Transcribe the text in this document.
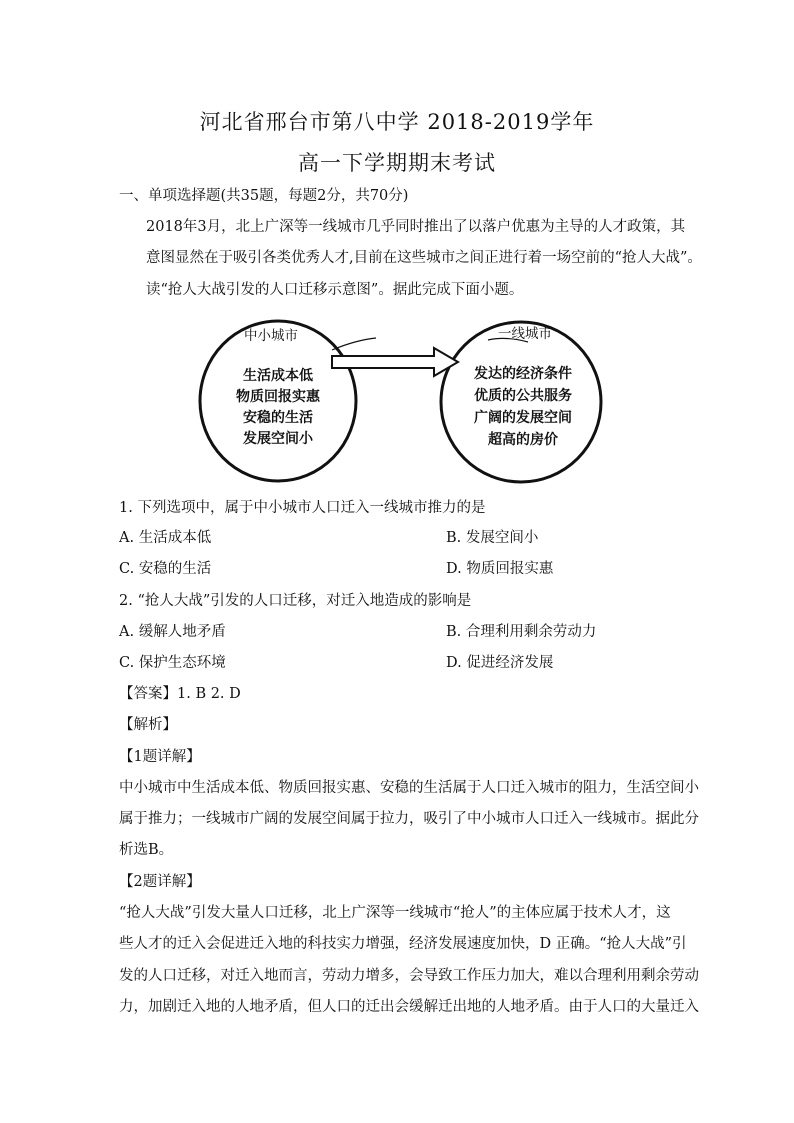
河北省邢台市第八中学 2018-2019学年
高一下学期期末考试
一、单项选择题(共35题，每题2分，共70分)
2018年3月，北上广深等一线城市几乎同时推出了以落户优惠为主导的人才政策，其
意图显然在于吸引各类优秀人才,目前在这些城市之间正进行着一场空前的“抢人大战”。
读“抢人大战引发的人口迁移示意图”。据此完成下面小题。
中小城市
生活成本低
物质回报实惠
安稳的生活
发展空间小
一线城市
发达的经济条件
优质的公共服务
广阔的发展空间
超高的房价
1. 下列选项中，属于中小城市人口迁入一线城市推力的是
A. 生活成本低	B. 发展空间小
C. 安稳的生活	D. 物质回报实惠
2. “抢人大战”引发的人口迁移，对迁入地造成的影响是
A. 缓解人地矛盾	B. 合理利用剩余劳动力
C. 保护生态环境	D. 促进经济发展
【答案】1. B 2. D
【解析】
【1题详解】
中小城市中生活成本低、物质回报实惠、安稳的生活属于人口迁入城市的阻力，生活空间小
属于推力；一线城市广阔的发展空间属于拉力，吸引了中小城市人口迁入一线城市。据此分
析选B。
【2题详解】
“抢人大战”引发大量人口迁移，北上广深等一线城市“抢人”的主体应属于技术人才，这
些人才的迁入会促进迁入地的科技实力增强，经济发展速度加快，D 正确。“抢人大战”引
发的人口迁移，对迁入地而言，劳动力增多，会导致工作压力加大，难以合理利用剩余劳动
力，加剧迁入地的人地矛盾，但人口的迁出会缓解迁出地的人地矛盾。由于人口的大量迁入
